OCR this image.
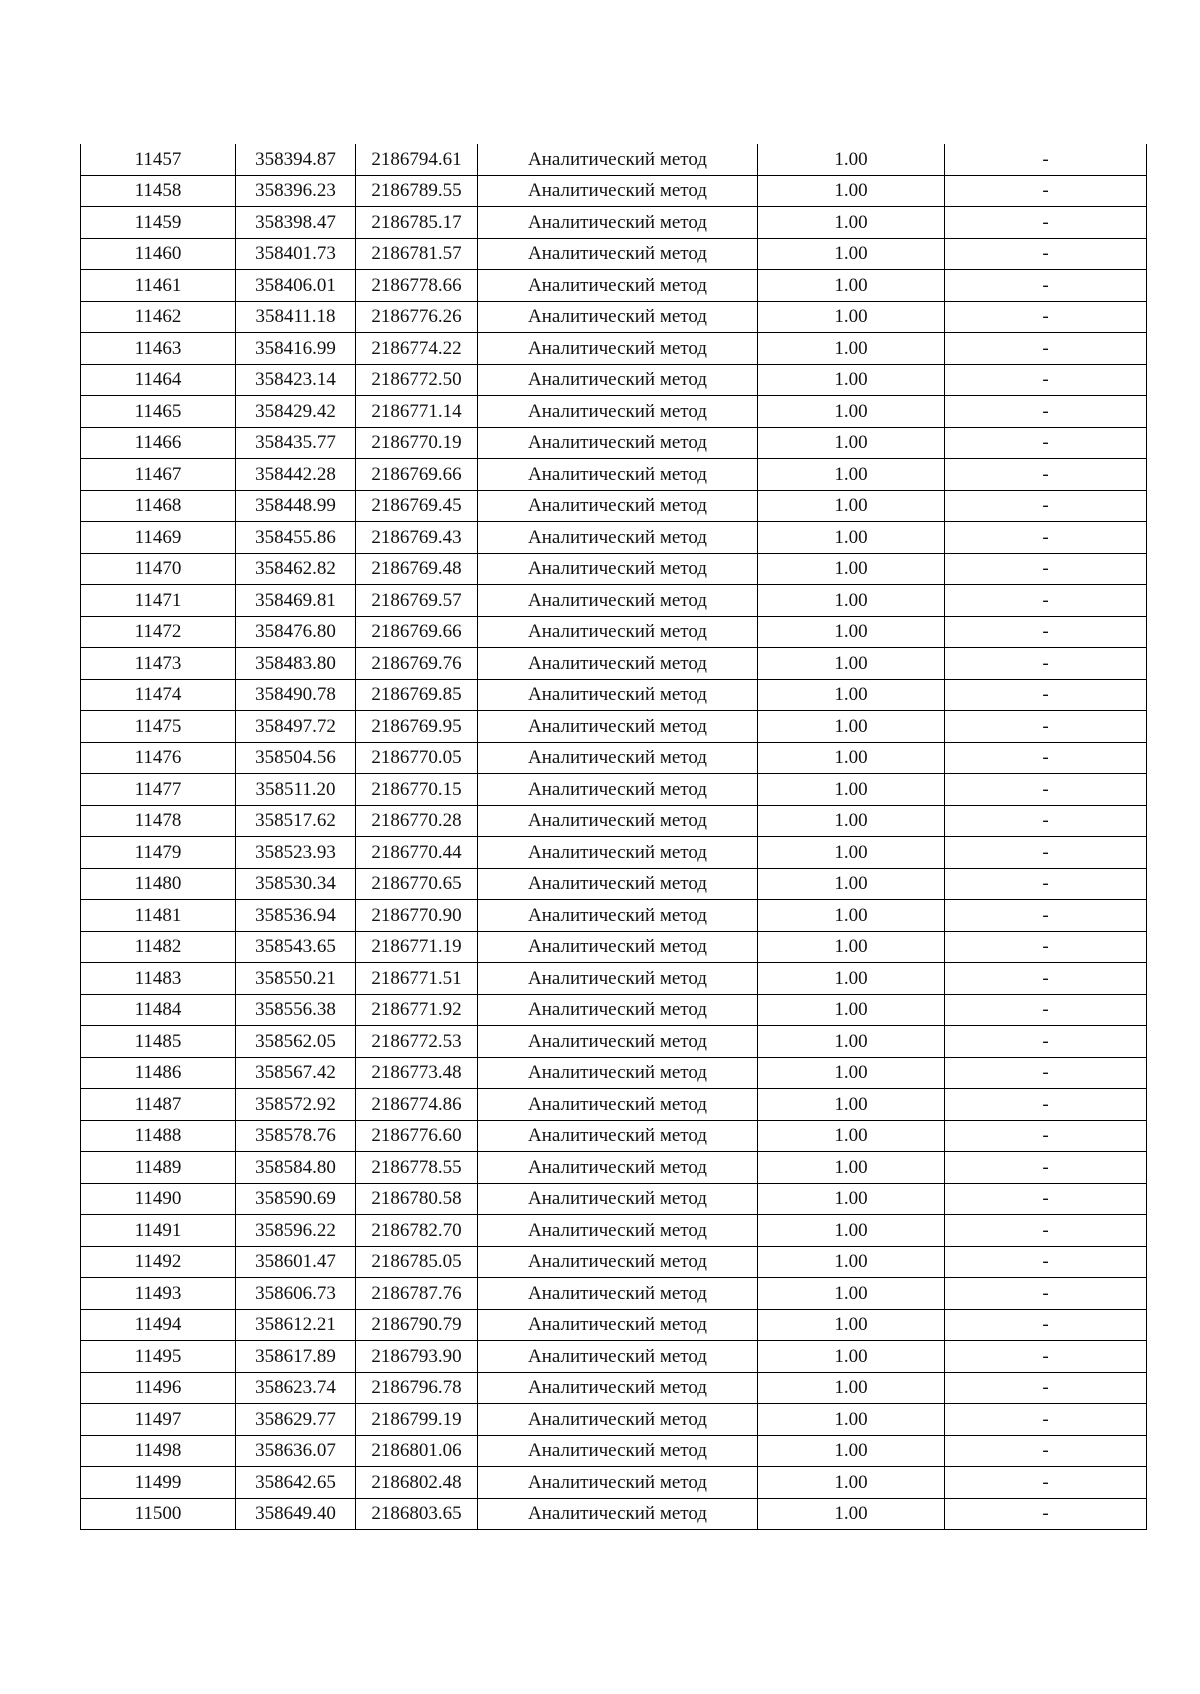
11457	358394.87	2186794.61	Аналитический метод	1.00	-
11458	358396.23	2186789.55	Аналитический метод	1.00	-
11459	358398.47	2186785.17	Аналитический метод	1.00	-
11460	358401.73	2186781.57	Аналитический метод	1.00	-
11461	358406.01	2186778.66	Аналитический метод	1.00	-
11462	358411.18	2186776.26	Аналитический метод	1.00	-
11463	358416.99	2186774.22	Аналитический метод	1.00	-
11464	358423.14	2186772.50	Аналитический метод	1.00	-
11465	358429.42	2186771.14	Аналитический метод	1.00	-
11466	358435.77	2186770.19	Аналитический метод	1.00	-
11467	358442.28	2186769.66	Аналитический метод	1.00	-
11468	358448.99	2186769.45	Аналитический метод	1.00	-
11469	358455.86	2186769.43	Аналитический метод	1.00	-
11470	358462.82	2186769.48	Аналитический метод	1.00	-
11471	358469.81	2186769.57	Аналитический метод	1.00	-
11472	358476.80	2186769.66	Аналитический метод	1.00	-
11473	358483.80	2186769.76	Аналитический метод	1.00	-
11474	358490.78	2186769.85	Аналитический метод	1.00	-
11475	358497.72	2186769.95	Аналитический метод	1.00	-
11476	358504.56	2186770.05	Аналитический метод	1.00	-
11477	358511.20	2186770.15	Аналитический метод	1.00	-
11478	358517.62	2186770.28	Аналитический метод	1.00	-
11479	358523.93	2186770.44	Аналитический метод	1.00	-
11480	358530.34	2186770.65	Аналитический метод	1.00	-
11481	358536.94	2186770.90	Аналитический метод	1.00	-
11482	358543.65	2186771.19	Аналитический метод	1.00	-
11483	358550.21	2186771.51	Аналитический метод	1.00	-
11484	358556.38	2186771.92	Аналитический метод	1.00	-
11485	358562.05	2186772.53	Аналитический метод	1.00	-
11486	358567.42	2186773.48	Аналитический метод	1.00	-
11487	358572.92	2186774.86	Аналитический метод	1.00	-
11488	358578.76	2186776.60	Аналитический метод	1.00	-
11489	358584.80	2186778.55	Аналитический метод	1.00	-
11490	358590.69	2186780.58	Аналитический метод	1.00	-
11491	358596.22	2186782.70	Аналитический метод	1.00	-
11492	358601.47	2186785.05	Аналитический метод	1.00	-
11493	358606.73	2186787.76	Аналитический метод	1.00	-
11494	358612.21	2186790.79	Аналитический метод	1.00	-
11495	358617.89	2186793.90	Аналитический метод	1.00	-
11496	358623.74	2186796.78	Аналитический метод	1.00	-
11497	358629.77	2186799.19	Аналитический метод	1.00	-
11498	358636.07	2186801.06	Аналитический метод	1.00	-
11499	358642.65	2186802.48	Аналитический метод	1.00	-
11500	358649.40	2186803.65	Аналитический метод	1.00	-
